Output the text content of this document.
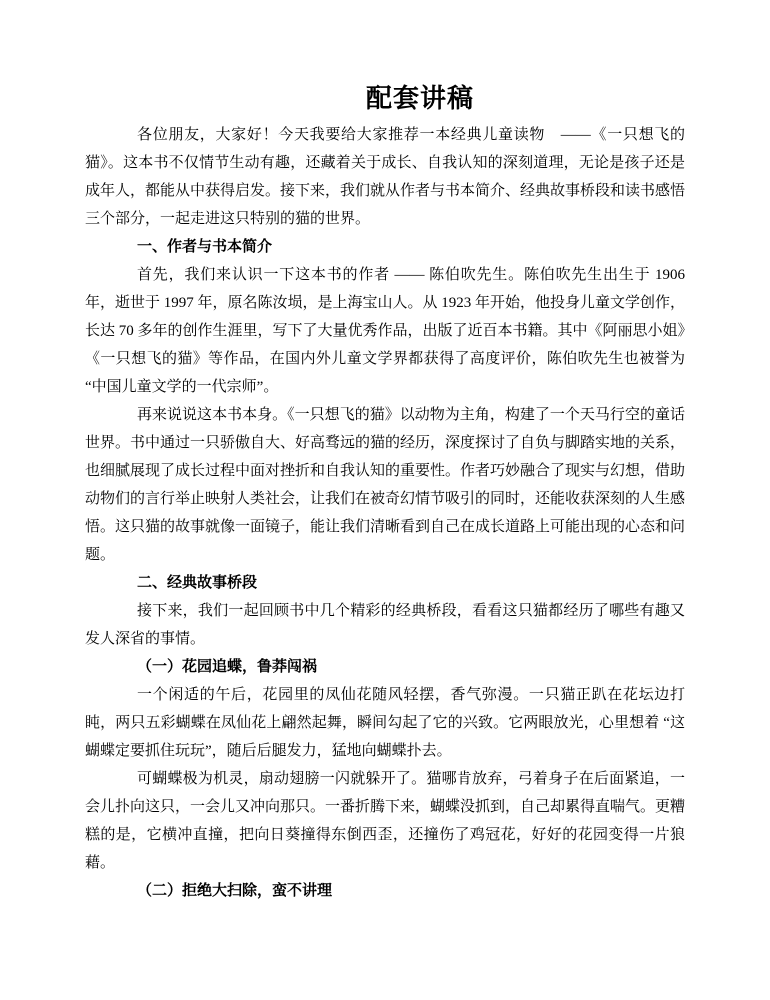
配套讲稿

各位朋友，大家好！今天我要给大家推荐一本经典儿童读物　——《一只想飞的猫》。这本书不仅情节生动有趣，还藏着关于成长、自我认知的深刻道理，无论是孩子还是成年人，都能从中获得启发。接下来，我们就从作者与书本简介、经典故事桥段和读书感悟三个部分，一起走进这只特别的猫的世界。

一、作者与书本简介

首先，我们来认识一下这本书的作者 —— 陈伯吹先生。陈伯吹先生出生于 1906 年，逝世于 1997 年，原名陈汝埙，是上海宝山人。从 1923 年开始，他投身儿童文学创作，长达 70 多年的创作生涯里，写下了大量优秀作品，出版了近百本书籍。其中《阿丽思小姐》《一只想飞的猫》等作品，在国内外儿童文学界都获得了高度评价，陈伯吹先生也被誉为 “中国儿童文学的一代宗师”。

再来说说这本书本身。《一只想飞的猫》以动物为主角，构建了一个天马行空的童话世界。书中通过一只骄傲自大、好高骛远的猫的经历，深度探讨了自负与脚踏实地的关系，也细腻展现了成长过程中面对挫折和自我认知的重要性。作者巧妙融合了现实与幻想，借助动物们的言行举止映射人类社会，让我们在被奇幻情节吸引的同时，还能收获深刻的人生感悟。这只猫的故事就像一面镜子，能让我们清晰看到自己在成长道路上可能出现的心态和问题。

二、经典故事桥段

接下来，我们一起回顾书中几个精彩的经典桥段，看看这只猫都经历了哪些有趣又发人深省的事情。

（一）花园追蝶，鲁莽闯祸

一个闲适的午后，花园里的凤仙花随风轻摆，香气弥漫。一只猫正趴在花坛边打盹，两只五彩蝴蝶在凤仙花上翩然起舞，瞬间勾起了它的兴致。它两眼放光，心里想着 “这蝴蝶定要抓住玩玩”，随后后腿发力，猛地向蝴蝶扑去。

可蝴蝶极为机灵，扇动翅膀一闪就躲开了。猫哪肯放弃，弓着身子在后面紧追，一会儿扑向这只，一会儿又冲向那只。一番折腾下来，蝴蝶没抓到，自己却累得直喘气。更糟糕的是，它横冲直撞，把向日葵撞得东倒西歪，还撞伤了鸡冠花，好好的花园变得一片狼藉。

（二）拒绝大扫除，蛮不讲理
